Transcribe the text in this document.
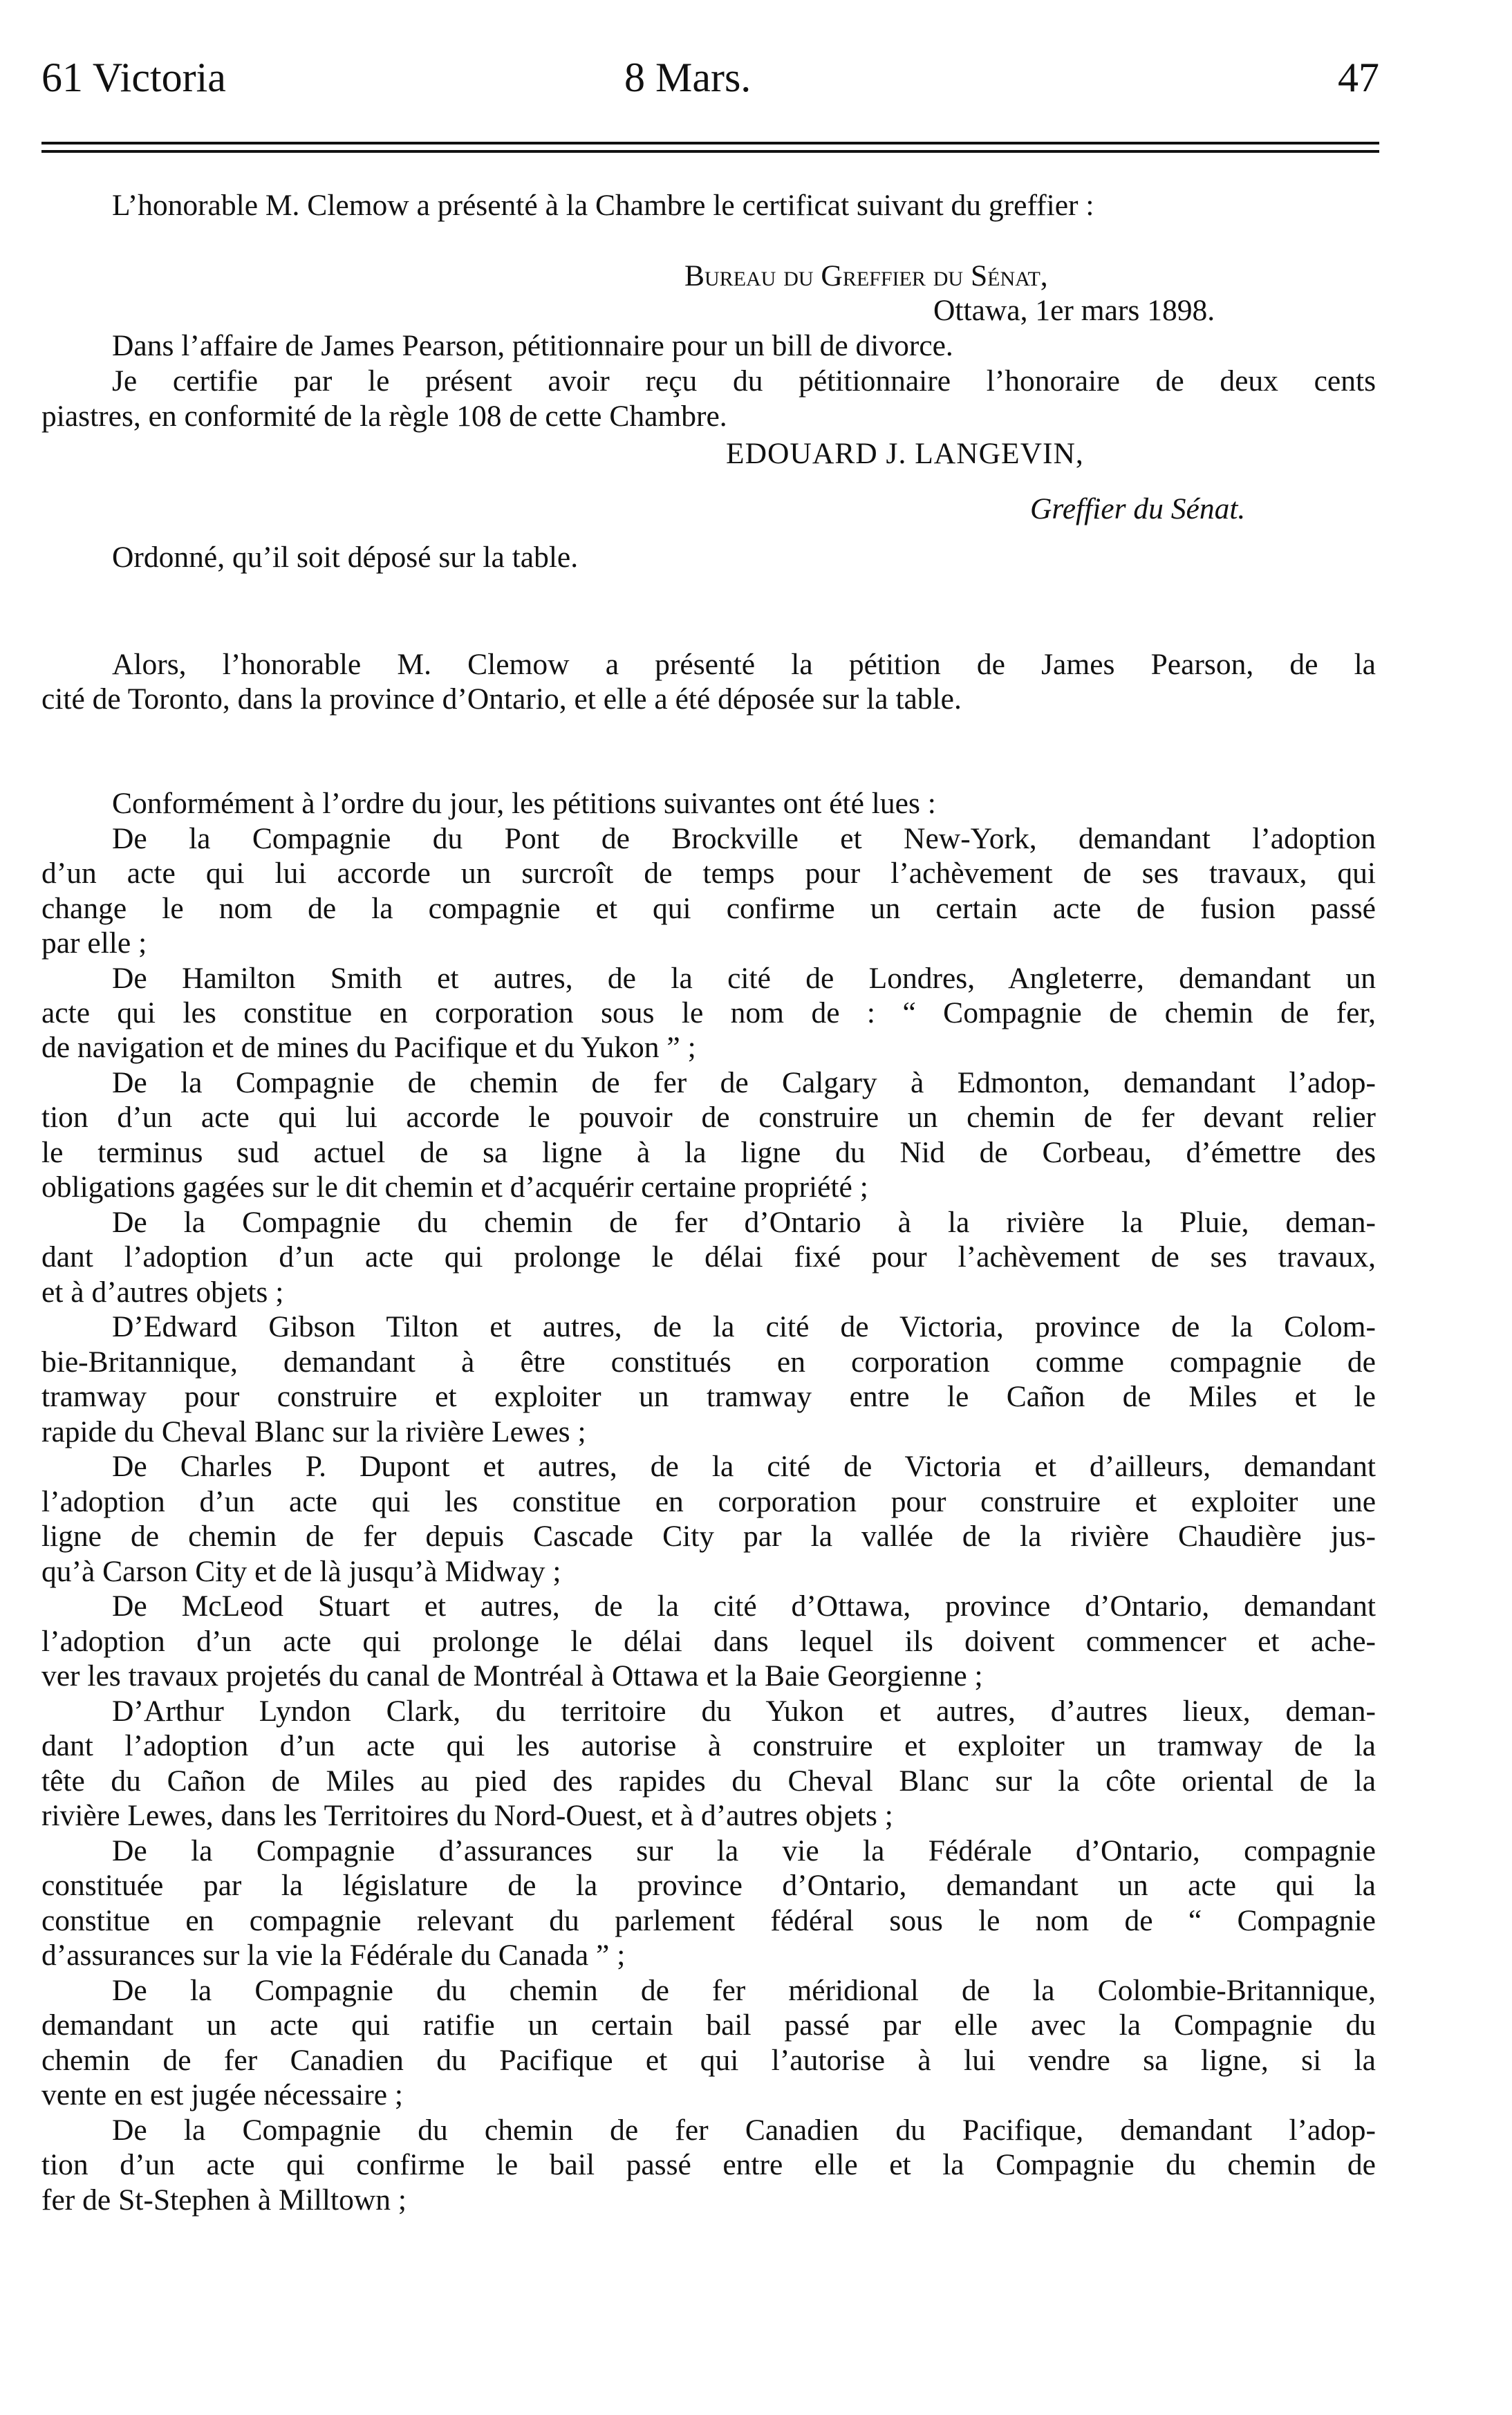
61 Victoria	8 Mars.	47
L’honorable M. Clemow a présenté à la Chambre le certificat suivant du greffier :
Bureau du Greffier du Sénat,
Ottawa, 1er mars 1898.
Dans l’affaire de James Pearson, pétitionnaire pour un bill de divorce.
Je certifie par le présent avoir reçu du pétitionnaire l’honoraire de deux cents
piastres, en conformité de la règle 108 de cette Chambre.
EDOUARD J. LANGEVIN,
Greffier du Sénat.
Ordonné, qu’il soit déposé sur la table.
Alors, l’honorable M. Clemow a présenté la pétition de James Pearson, de la
cité de Toronto, dans la province d’Ontario, et elle a été déposée sur la table.
Conformément à l’ordre du jour, les pétitions suivantes ont été lues :
De la Compagnie du Pont de Brockville et New-York, demandant l’adoption
d’un acte qui lui accorde un surcroît de temps pour l’achèvement de ses travaux, qui
change le nom de la compagnie et qui confirme un certain acte de fusion passé
par elle ;
De Hamilton Smith et autres, de la cité de Londres, Angleterre, demandant un
acte qui les constitue en corporation sous le nom de : “ Compagnie de chemin de fer,
de navigation et de mines du Pacifique et du Yukon ” ;
De la Compagnie de chemin de fer de Calgary à Edmonton, demandant l’adop-
tion d’un acte qui lui accorde le pouvoir de construire un chemin de fer devant relier
le terminus sud actuel de sa ligne à la ligne du Nid de Corbeau, d’émettre des
obligations gagées sur le dit chemin et d’acquérir certaine propriété ;
De la Compagnie du chemin de fer d’Ontario à la rivière la Pluie, deman-
dant l’adoption d’un acte qui prolonge le délai fixé pour l’achèvement de ses travaux,
et à d’autres objets ;
D’Edward Gibson Tilton et autres, de la cité de Victoria, province de la Colom-
bie-Britannique, demandant à être constitués en corporation comme compagnie de
tramway pour construire et exploiter un tramway entre le Cañon de Miles et le
rapide du Cheval Blanc sur la rivière Lewes ;
De Charles P. Dupont et autres, de la cité de Victoria et d’ailleurs, demandant
l’adoption d’un acte qui les constitue en corporation pour construire et exploiter une
ligne de chemin de fer depuis Cascade City par la vallée de la rivière Chaudière jus-
qu’à Carson City et de là jusqu’à Midway ;
De McLeod Stuart et autres, de la cité d’Ottawa, province d’Ontario, demandant
l’adoption d’un acte qui prolonge le délai dans lequel ils doivent commencer et ache-
ver les travaux projetés du canal de Montréal à Ottawa et la Baie Georgienne ;
D’Arthur Lyndon Clark, du territoire du Yukon et autres, d’autres lieux, deman-
dant l’adoption d’un acte qui les autorise à construire et exploiter un tramway de la
tête du Cañon de Miles au pied des rapides du Cheval Blanc sur la côte oriental de la
rivière Lewes, dans les Territoires du Nord-Ouest, et à d’autres objets ;
De la Compagnie d’assurances sur la vie la Fédérale d’Ontario, compagnie
constituée par la législature de la province d’Ontario, demandant un acte qui la
constitue en compagnie relevant du parlement fédéral sous le nom de “ Compagnie
d’assurances sur la vie la Fédérale du Canada ” ;
De la Compagnie du chemin de fer méridional de la Colombie-Britannique,
demandant un acte qui ratifie un certain bail passé par elle avec la Compagnie du
chemin de fer Canadien du Pacifique et qui l’autorise à lui vendre sa ligne, si la
vente en est jugée nécessaire ;
De la Compagnie du chemin de fer Canadien du Pacifique, demandant l’adop-
tion d’un acte qui confirme le bail passé entre elle et la Compagnie du chemin de
fer de St-Stephen à Milltown ;
